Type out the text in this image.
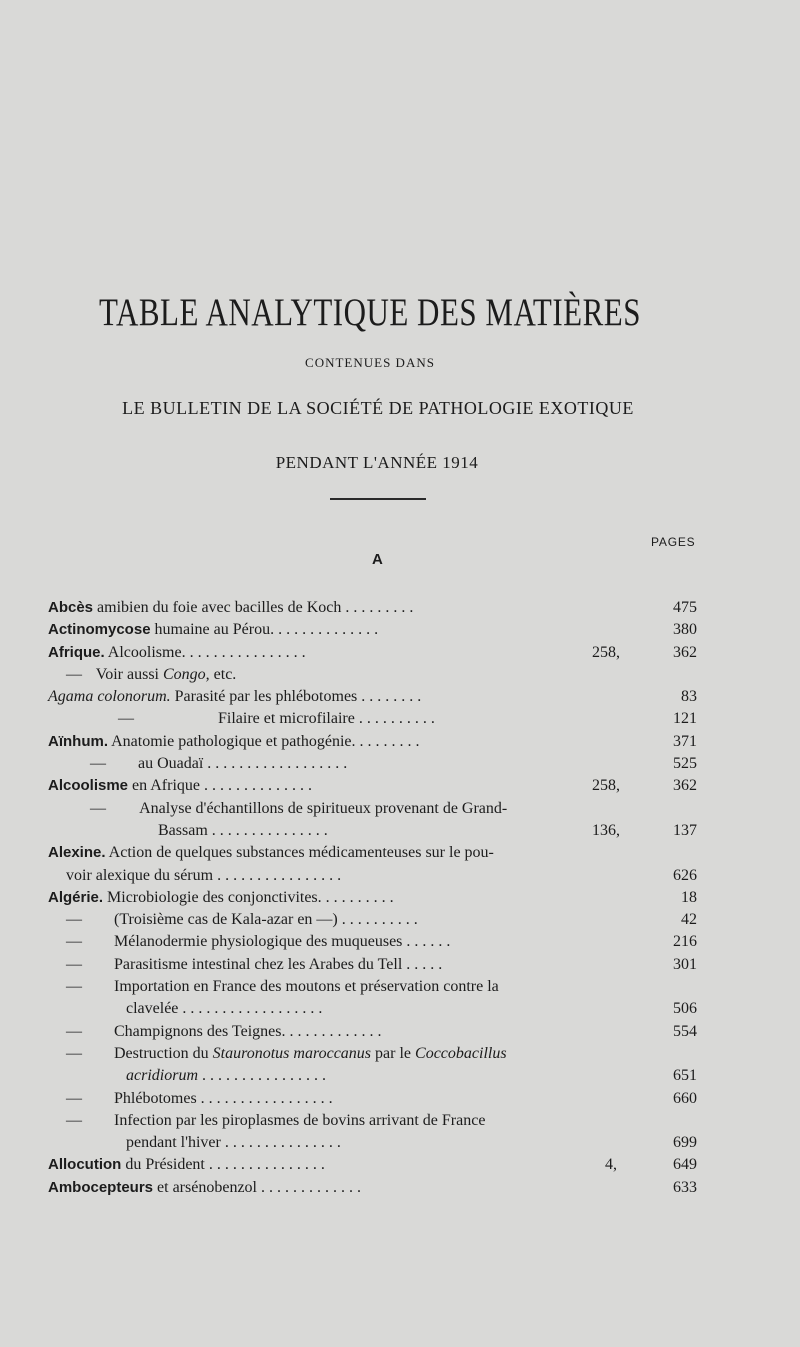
TABLE ANALYTIQUE DES MATIÈRES
CONTENUES DANS
LE BULLETIN DE LA SOCIÉTÉ DE PATHOLOGIE EXOTIQUE
PENDANT L'ANNÉE 1914
PAGES
A
Abcès amibien du foie avec bacilles de Koch . . . . . . . . .	475
Actinomycose humaine au Pérou. . . . . . . . . . . . . .	380
Afrique. Alcoolisme. . . . . . . . . . . . . . . .	258,	362
— Voir aussi Congo, etc.
Agama colonorum. Parasité par les phlébotomes . . . . . . . .	83
—	Filaire et microfilaire . . . . . . . . . .	121
Aïnhum. Anatomie pathologique et pathogénie. . . . . . . . .	371
— au Ouadaï . . . . . . . . . . . . . . . . . .	525
Alcoolisme en Afrique . . . . . . . . . . . . . .	258,	362
— Analyse d'échantillons de spiritueux provenant de Grand-
Bassam . . . . . . . . . . . . . . .	136,	137
Alexine. Action de quelques substances médicamenteuses sur le pou-
voir alexique du sérum . . . . . . . . . . . . . . . .	626
Algérie. Microbiologie des conjonctivites. . . . . . . . . .	18
— (Troisième cas de Kala-azar en —) . . . . . . . . . .	42
— Mélanodermie physiologique des muqueuses . . . . . .	216
— Parasitisme intestinal chez les Arabes du Tell . . . . .	301
— Importation en France des moutons et préservation contre la
clavelée . . . . . . . . . . . . . . . . . .	506
— Champignons des Teignes. . . . . . . . . . . . .	554
— Destruction du Stauronotus maroccanus par le Coccobacillus
acridiorum . . . . . . . . . . . . . . . .	651
— Phlébotomes . . . . . . . . . . . . . . . . .	660
— Infection par les piroplasmes de bovins arrivant de France
pendant l'hiver . . . . . . . . . . . . . . .	699
Allocution du Président . . . . . . . . . . . . . . .	4,	649
Ambocepteurs et arsénobenzol . . . . . . . . . . . . .	633
